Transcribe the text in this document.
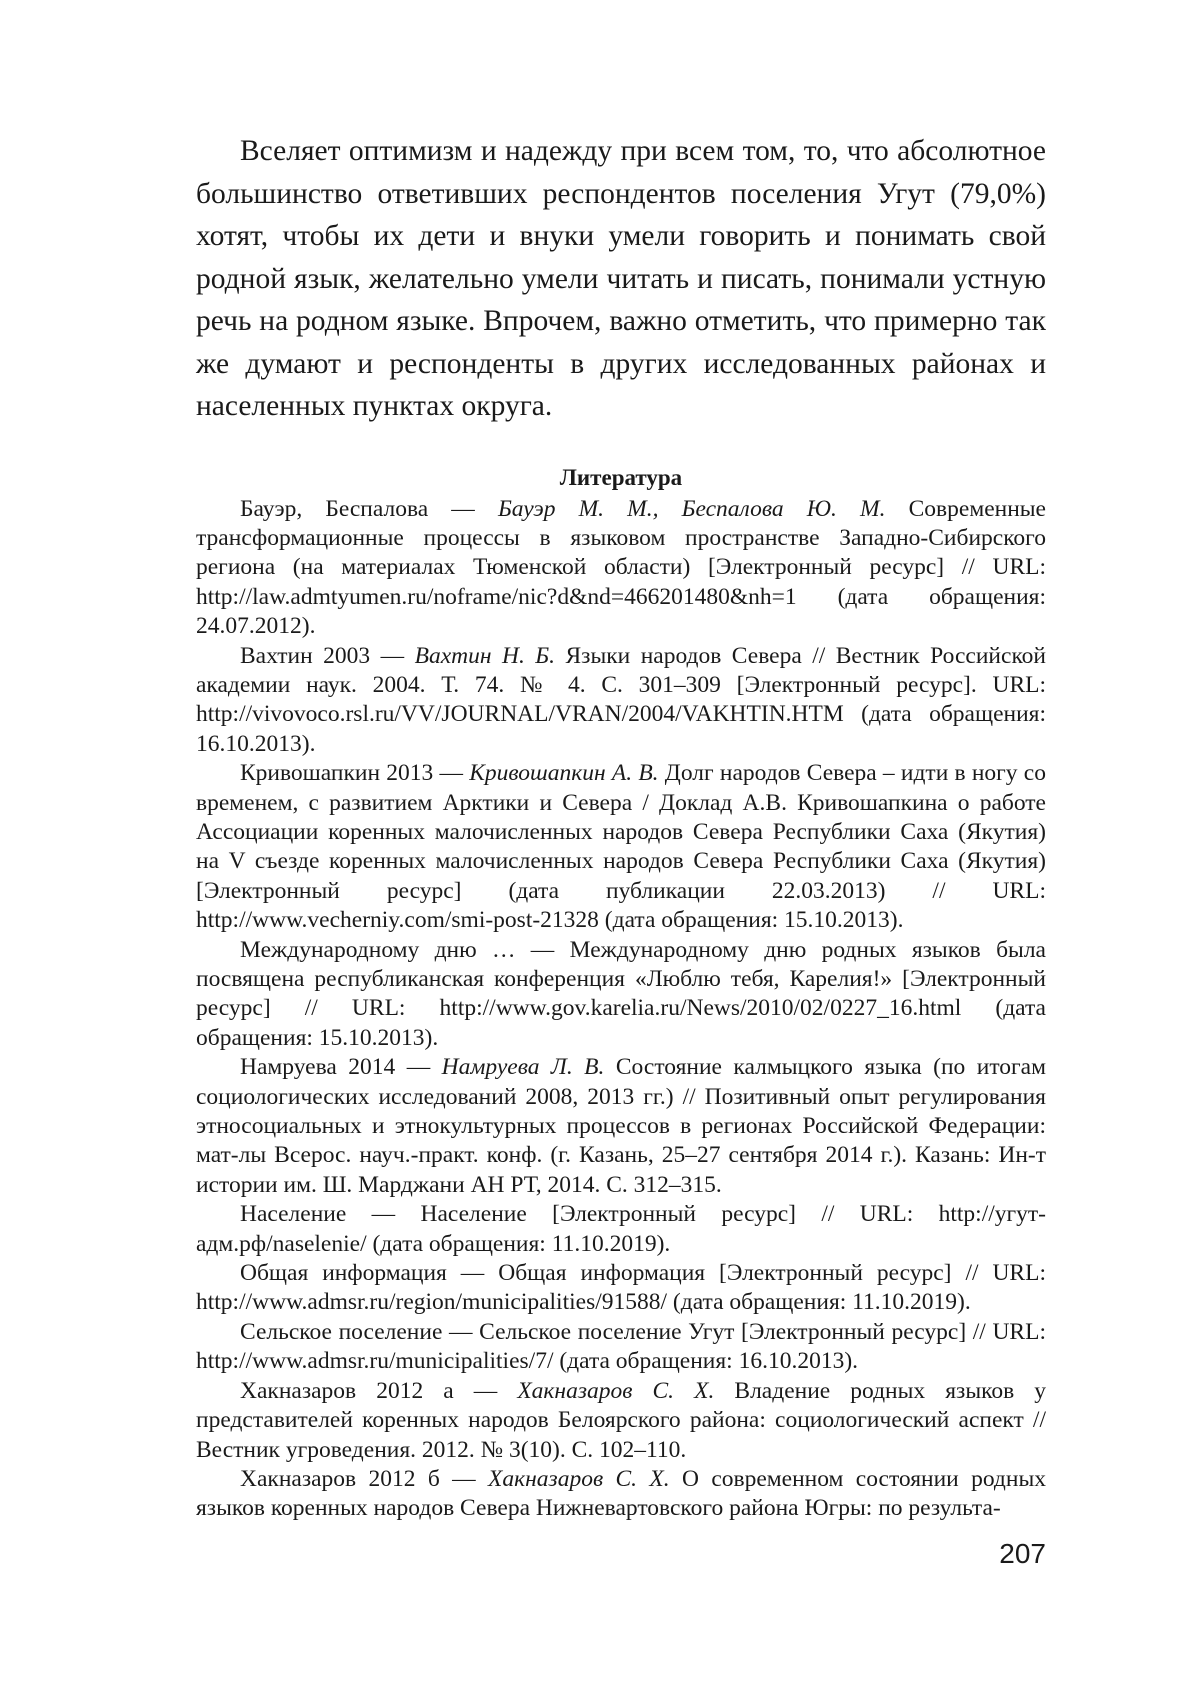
Вселяет оптимизм и надежду при всем том, то, что абсолютное большинство ответивших респондентов поселения Угут (79,0%) хотят, чтобы их дети и внуки умели говорить и понимать свой родной язык, желательно умели читать и писать, понимали устную речь на родном языке. Впрочем, важно отметить, что примерно так же думают и респонденты в других исследованных районах и населенных пунктах округа.

Литература

Бауэр, Беспалова — Бауэр М. М., Беспалова Ю. М. Современные трансформационные процессы в языковом пространстве Западно-Сибирского региона (на материалах Тюменской области) [Электронный ресурс] // URL: http://law.admtyumen.ru/noframe/nic?d&nd=466201480&nh=1 (дата обращения: 24.07.2012).

Вахтин 2003 — Вахтин Н. Б. Языки народов Севера // Вестник Российской академии наук. 2004. Т. 74. № 4. С. 301–309 [Электронный ресурс]. URL: http://vivovoco.rsl.ru/VV/JOURNAL/VRAN/2004/VAKHTIN.HTM (дата обращения: 16.10.2013).

Кривошапкин 2013 — Кривошапкин А. В. Долг народов Севера – идти в ногу со временем, с развитием Арктики и Севера / Доклад А.В. Кривошапкина о работе Ассоциации коренных малочисленных народов Севера Республики Саха (Якутия) на V съезде коренных малочисленных народов Севера Республики Саха (Якутия) [Электронный ресурс] (дата публикации 22.03.2013) // URL: http://www.vecherniy.com/smi-post-21328 (дата обращения: 15.10.2013).

Международному дню … — Международному дню родных языков была посвящена республиканская конференция «Люблю тебя, Карелия!» [Электронный ресурс] // URL: http://www.gov.karelia.ru/News/2010/02/0227_16.html (дата обращения: 15.10.2013).

Намруева 2014 — Намруева Л. В. Состояние калмыцкого языка (по итогам социологических исследований 2008, 2013 гг.) // Позитивный опыт регулирования этносоциальных и этнокультурных процессов в регионах Российской Федерации: мат-лы Всерос. науч.-практ. конф. (г. Казань, 25–27 сентября 2014 г.). Казань: Ин-т истории им. Ш. Марджани АН РТ, 2014. С. 312–315.

Население — Население [Электронный ресурс] // URL: http://угут-адм.рф/naselenie/ (дата обращения: 11.10.2019).

Общая информация — Общая информация [Электронный ресурс] // URL: http://www.admsr.ru/region/municipalities/91588/ (дата обращения: 11.10.2019).

Сельское поселение — Сельское поселение Угут [Электронный ресурс] // URL: http://www.admsr.ru/municipalities/7/ (дата обращения: 16.10.2013).

Хакназаров 2012 а — Хакназаров С. Х. Владение родных языков у представителей коренных народов Белоярского района: социологический аспект // Вестник угроведения. 2012. № 3(10). С. 102–110.

Хакназаров 2012 б — Хакназаров С. Х. О современном состоянии родных языков коренных народов Севера Нижневартовского района Югры: по результа-

207
